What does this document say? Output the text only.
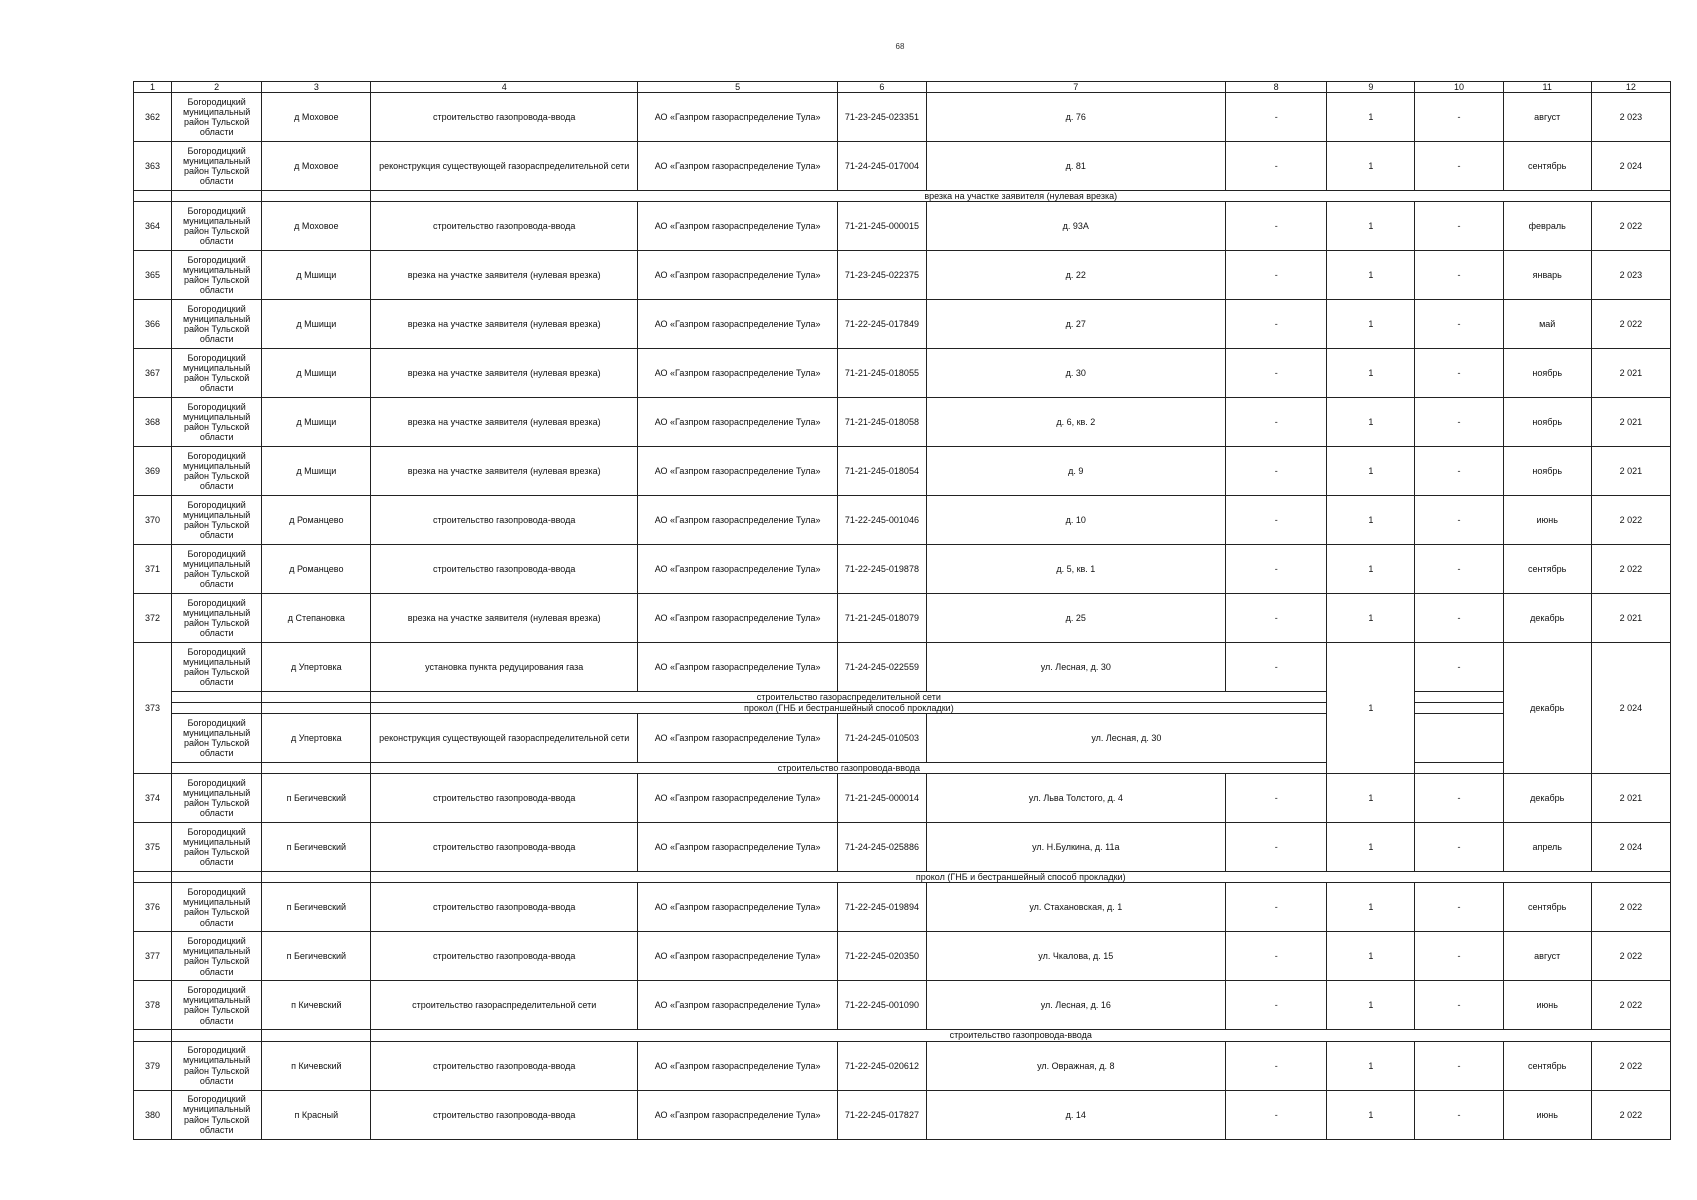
68
1	2	3	4	5	6	7	8	9	10	11	12
362	Богородицкий муниципальный район Тульской области	д Моховое	строительство газопровода-ввода	АО «Газпром газораспределение Тула»	71-23-245-023351	д. 76	-	1	-	август	2 023
363	Богородицкий муниципальный район Тульской области	д Моховое	реконструкция существующей газораспределительной сети	АО «Газпром газораспределение Тула»	71-24-245-017004	д. 81	-	1	-	сентябрь	2 024
			врезка на участке заявителя (нулевая врезка)								
364	Богородицкий муниципальный район Тульской области	д Моховое	строительство газопровода-ввода	АО «Газпром газораспределение Тула»	71-21-245-000015	д. 93А	-	1	-	февраль	2 022
365	Богородицкий муниципальный район Тульской области	д Мшищи	врезка на участке заявителя (нулевая врезка)	АО «Газпром газораспределение Тула»	71-23-245-022375	д. 22	-	1	-	январь	2 023
366	Богородицкий муниципальный район Тульской области	д Мшищи	врезка на участке заявителя (нулевая врезка)	АО «Газпром газораспределение Тула»	71-22-245-017849	д. 27	-	1	-	май	2 022
367	Богородицкий муниципальный район Тульской области	д Мшищи	врезка на участке заявителя (нулевая врезка)	АО «Газпром газораспределение Тула»	71-21-245-018055	д. 30	-	1	-	ноябрь	2 021
368	Богородицкий муниципальный район Тульской области	д Мшищи	врезка на участке заявителя (нулевая врезка)	АО «Газпром газораспределение Тула»	71-21-245-018058	д. 6, кв. 2	-	1	-	ноябрь	2 021
369	Богородицкий муниципальный район Тульской области	д Мшищи	врезка на участке заявителя (нулевая врезка)	АО «Газпром газораспределение Тула»	71-21-245-018054	д. 9	-	1	-	ноябрь	2 021
370	Богородицкий муниципальный район Тульской области	д Романцево	строительство газопровода-ввода	АО «Газпром газораспределение Тула»	71-22-245-001046	д. 10	-	1	-	июнь	2 022
371	Богородицкий муниципальный район Тульской области	д Романцево	строительство газопровода-ввода	АО «Газпром газораспределение Тула»	71-22-245-019878	д. 5, кв. 1	-	1	-	сентябрь	2 022
372	Богородицкий муниципальный район Тульской области	д Степановка	врезка на участке заявителя (нулевая врезка)	АО «Газпром газораспределение Тула»	71-21-245-018079	д. 25	-	1	-	декабрь	2 021
373	Богородицкий муниципальный район Тульской области	д Упертовка	установка пункта редуцирования газа	АО «Газпром газораспределение Тула»	71-24-245-022559	ул. Лесная, д. 30	-	1	-	декабрь	2 024
			строительство газораспределительной сети								
			прокол (ГНБ и бестраншейный способ прокладки)								
	Богородицкий муниципальный район Тульской области	д Упертовка	реконструкция существующей газораспределительной сети	АО «Газпром газораспределение Тула»	71-24-245-010503	ул. Лесная, д. 30					
			строительство газопровода-ввода								
374	Богородицкий муниципальный район Тульской области	п Бегичевский	строительство газопровода-ввода	АО «Газпром газораспределение Тула»	71-21-245-000014	ул. Льва Толстого, д. 4	-	1	-	декабрь	2 021
375	Богородицкий муниципальный район Тульской области	п Бегичевский	строительство газопровода-ввода	АО «Газпром газораспределение Тула»	71-24-245-025886	ул. Н.Булкина, д. 11а	-	1	-	апрель	2 024
			прокол (ГНБ и бестраншейный способ прокладки)								
376	Богородицкий муниципальный район Тульской области	п Бегичевский	строительство газопровода-ввода	АО «Газпром газораспределение Тула»	71-22-245-019894	ул. Стахановская, д. 1	-	1	-	сентябрь	2 022
377	Богородицкий муниципальный район Тульской области	п Бегичевский	строительство газопровода-ввода	АО «Газпром газораспределение Тула»	71-22-245-020350	ул. Чкалова, д. 15	-	1	-	август	2 022
378	Богородицкий муниципальный район Тульской области	п Кичевский	строительство газораспределительной сети	АО «Газпром газораспределение Тула»	71-22-245-001090	ул. Лесная, д. 16	-	1	-	июнь	2 022
			строительство газопровода-ввода								
379	Богородицкий муниципальный район Тульской области	п Кичевский	строительство газопровода-ввода	АО «Газпром газораспределение Тула»	71-22-245-020612	ул. Овражная, д. 8	-	1	-	сентябрь	2 022
380	Богородицкий муниципальный район Тульской области	п Красный	строительство газопровода-ввода	АО «Газпром газораспределение Тула»	71-22-245-017827	д. 14	-	1	-	июнь	2 022
